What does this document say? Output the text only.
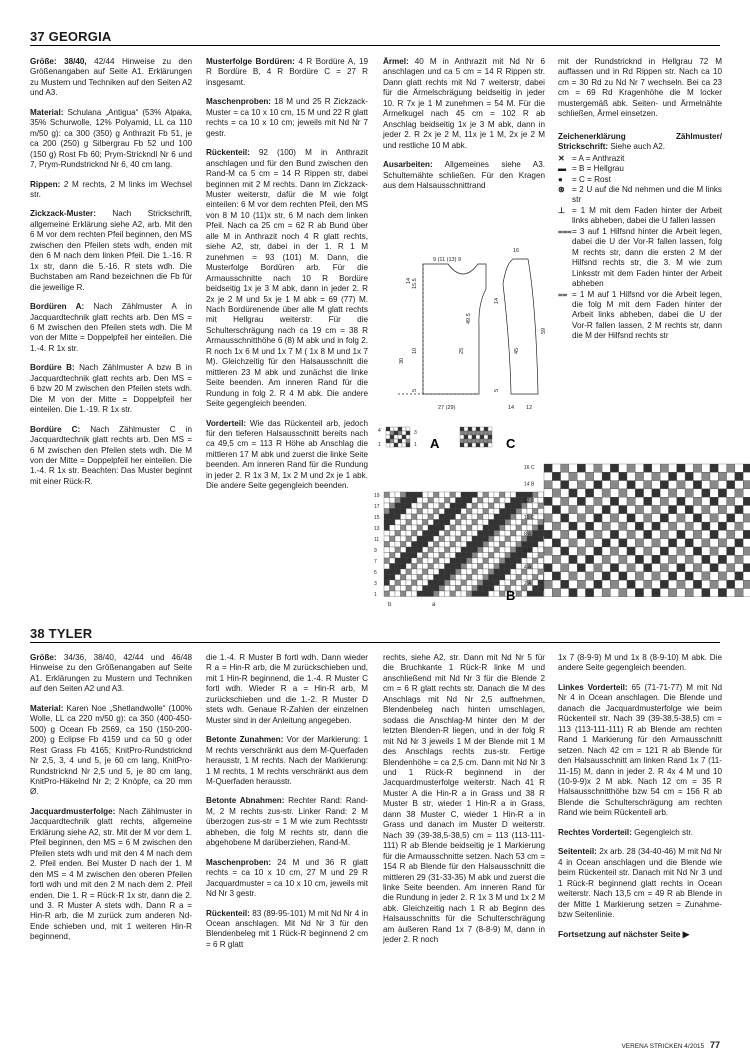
37 GEORGIA

Größe: 38/40, 42/44 Hinweise zu den Größenangaben auf Seite A1. Erklärungen zu Mustern und Techniken auf den Seiten A2 und A3.

Material: Schulana „Antigua“ (53% Alpaka, 35% Schurwolle, 12% Polyamid, LL ca 110 m/50 g): ca 300 (350) g Anthrazit Fb 51, je ca 200 (250) g Silbergrau Fb 52 und 100 (150 g) Rost Fb 60; Prym-Strickndl Nr 6 und 7, Prym-Rundstricknd Nr 6, 40 cm lang.

Rippen: 2 M rechts, 2 M links im Wechsel str.

Zickzack-Muster: Nach Strickschrift, allgemeine Erklärung siehe A2, arb. Mit den 6 M vor dem rechten Pfeil beginnen, den MS zwischen den Pfeilen stets wdh, enden mit den 6 M nach dem linken Pfeil. Die 1.-16. R 1x str, dann die 5.-16. R stets wdh. Die Buchstaben am Rand bezeichnen die Fb für die jeweilige R.

Bordüren A: Nach Zählmuster A in Jacquardtechnik glatt rechts arb. Den MS = 6 M zwischen den Pfeilen stets wdh. Die M von der Mitte = Doppelpfeil her einteilen. Die 1.-4. R 1x str.

Bordüre B: Nach Zählmuster A bzw B in Jacquardtechnik glatt rechts arb. Den MS = 6 bzw 20 M zwischen den Pfeilen stets wdh. Die M von der Mitte = Doppelpfeil her einteilen. Die 1.-19. R 1x str.

Bordüre C: Nach Zählmuster C in Jacquardtechnik glatt rechts arb. Den MS = 6 M zwischen den Pfeilen stets wdh. Die M von der Mitte = Doppelpfeil her einteilen. Die 1.-4. R 1x str. Beachten: Das Muster beginnt mit einer Rück-R.

Musterfolge Bordüren: 4 R Bordüre A, 19 R Bordüre B, 4 R Bordüre C = 27 R insgesamt.

Maschenproben: 18 M und 25 R Zickzack-Muster = ca 10 x 10 cm, 15 M und 22 R glatt rechts = ca 10 x 10 cm; jeweils mit Nd Nr 7 gestr.

Rückenteil: 92 (100) M in Anthrazit anschlagen und für den Bund zwischen den Rand-M ca 5 cm = 14 R Rippen str, dabei beginnen mit 2 M rechts. Dann im Zickzack-Muster weiterstr, dafür die M wie folgt einteilen: 6 M vor dem rechten Pfeil, den MS von 8 M 10 (11)x str, 6 M nach dem linken Pfeil. Nach ca 25 cm = 62 R ab Bund über alle M in Anthrazit noch 4 R glatt rechts, siehe A2, str, dabei in der 1. R 1 M zunehmen = 93 (101) M. Dann, die Musterfolge Bordüren arb. Für die Armausschnitte nach 10 R Bordüre beidseitig 1x je 3 M abk, dann in jeder 2. R 2x je 2 M und 5x je 1 M abk = 69 (77) M. Nach Bordürenende über alle M glatt rechts mit Hellgrau weiterstr. Für die Schulterschrägung nach ca 19 cm = 38 R Armausschnitthöhe 6 (8) M abk und in folg 2. R noch 1x 6 M und 1x 7 M ( 1x 8 M und 1x 7 M). Gleichzeitig für den Halsausschnitt die mittleren 23 M abk und zunächst die linke Seite beenden. Am inneren Rand für die Rundung in folg 2. R 4 M abk. Die andere Seite gegengleich beenden.

Vorderteil: Wie das Rückenteil arb, jedoch für den tieferen Halsausschnitt bereits nach ca 49,5 cm = 113 R Höhe ab Anschlag die mittleren 17 M abk und zuerst die linke Seite beenden. Am inneren Rand für die Rundung in jeder 2. R 1x 3 M, 1x 2 M und 2x je 1 abk. Die andere Seite gegengleich beenden.

Ärmel: 40 M in Anthrazit mit Nd Nr 6 anschlagen und ca 5 cm = 14 R Rippen str. Dann glatt rechts mit Nd 7 weiterstr, dabei für die Ärmelschrägung beidseitig in jeder 10. R 7x je 1 M zunehmen = 54 M. Für die Ärmelkugel nach 45 cm = 102 R ab Anschlag beidseitig 1x je 3 M abk, dann in jeder 2. R 2x je 2 M, 11x je 1 M, 2x je 2 M und restliche 10 M abk.

Ausarbeiten: Allgemeines siehe A3. Schulternähte schließen. Für den Kragen aus dem Halsausschnittrand

mit der Rundstricknd in Hellgrau 72 M auffassen und in Rd Rippen str. Nach ca 10 cm = 30 Rd zu Nd Nr 7 wechseln. Bei ca 23 cm = 69 Rd Kragenhöhe die M locker mustergemäß abk. Seiten- und Ärmelnähte schließen, Ärmel einsetzen.

Zeichenerklärung Zählmuster/ Strickschrift: Siehe auch A2.
✕ = A = Anthrazit
▬ = B = Hellgrau
●	= C = Rost
⊛ = 2 U auf die Nd nehmen und die M links str
⊥ = 1 M mit dem Faden hinter der Arbeit links abheben, dabei die U fallen lassen
⩶ = 3 auf 1 Hilfsnd hinter die Arbeit legen, dabei die U der Vor-R fallen lassen, folg M rechts str, dann die ersten 2 M der Hilfsnd rechts str, die 3. M wie zum Linksstr mit dem Faden hinter der Arbeit abheben
⩵ = 1 M auf 1 Hilfsnd vor die Arbeit legen, die folg M mit dem Faden hinter der Arbeit links abheben, dabei die U der Vor-R fallen lassen, 2 M rechts str, dann die M der Hilfsnd rechts str
16
9 (11 (13) 9
27 (29)	14 12
14 15.5
25
49.5
10
30
5
14
45
59
5
4
1
3
1 A	C
19
17
15
13
11
9
7
5
3
1	B
b	a
16 C
14 B
12 B
10 C
8 A
6 B
4 A
2 A
38 TYLER

Größe: 34/36, 38/40, 42/44 und 46/48 Hinweise zu den Größenangaben auf Seite A1. Erklärungen zu Mustern und Techniken auf den Seiten A2 und A3.

Material: Karen Noe „Shetlandwolle“ (100% Wolle, LL ca 220 m/50 g): ca 350 (400-450-500) g Ocean Fb 2569, ca 150 (150-200-200) g Eclipse Fb 4159 und ca 50 g oder Rest Grass Fb 4165; KnitPro-Rundstricknd Nr 2,5, 3, 4 und 5, je 60 cm lang, KnitPro-Rundstricknd Nr 2,5 und 5, je 80 cm lang, KnitPro-Häkelnd Nr 2; 2 Knöpfe, ca 20 mm Ø.

Jacquardmusterfolge: Nach Zählmuster in Jacquardtechnik glatt rechts, allgemeine Erklärung siehe A2, str. Mit der M vor dem 1. Pfeil beginnen, den MS = 6 M zwischen den Pfeilen stets wdh und mit den 4 M nach dem 2. Pfeil enden. Bei Muster D nach der 1. M den MS = 4 M zwischen den oberen Pfeilen fortl wdh und mit den 2 M nach dem 2. Pfeil enden. Die 1. R = Rück-R 1x str, dann die 2. und 3. R Muster A stets wdh. Dann R a = Hin-R arb, die M zurück zum anderen Nd-Ende schieben und, mit 1 weiteren Hin-R beginnend,

die 1.-4. R Muster B fortl wdh. Dann wieder R a = Hin-R arb, die M zurückschieben und, mit 1 Hin-R beginnend, die 1.-4. R Muster C fortl wdh. Wieder R a = Hin-R arb, M zurückschieben und die 1.-2. R Muster D stets wdh. Genaue R-Zahlen der einzelnen Muster sind in der Anleitung angegeben.

Betonte Zunahmen: Vor der Markierung: 1 M rechts verschränkt aus dem M-Querfaden herausstr, 1 M rechts. Nach der Markierung: 1 M rechts, 1 M rechts verschränkt aus dem M-Querfaden herausstr.

Betonte Abnahmen: Rechter Rand: Rand-M, 2 M rechts zus-str. Linker Rand: 2 M überzogen zus-str = 1 M wie zum Rechtsstr abheben, die folg M rechts str, dann die abgehobene M darüberziehen, Rand-M.

Maschenproben: 24 M und 36 R glatt rechts = ca 10 x 10 cm, 27 M und 29 R Jacquardmuster = ca 10 x 10 cm, jeweils mit Nd Nr 3 gestr.

Rückenteil: 83 (89-95-101) M mit Nd Nr 4 in Ocean anschlagen. Mit Nd Nr 3 für den Blendenbeleg mit 1 Rück-R beginnend 2 cm = 6 R glatt

rechts, siehe A2, str. Dann mit Nd Nr 5 für die Bruchkante 1 Rück-R linke M und anschließend mit Nd Nr 3 für die Blende 2 cm = 6 R glatt rechts str. Danach die M des Anschlags mit Nd Nr 2,5 auffnehmen, Blendenbeleg nach hinten umschlagen, sodass die Anschlag-M hinter den M der letzten Blenden-R liegen, und in der folg R mit Nd Nr 3 jeweils 1 M der Blende mit 1 M des Anschlags rechts zus-str. Fertige Blendenhöhe = ca 2,5 cm. Dann mit Nd Nr 3 und 1 Rück-R beginnend in der Jacquardmusterfolge weiterstr. Nach 41 R Muster A die Hin-R a in Grass und 38 R Muster B str, wieder 1 Hin-R a in Grass, dann 38 Muster C, wieder 1 Hin-R a in Grass und danach im Muster D weiterstr. Nach 39 (39-38,5-38,5) cm = 113 (113-111-111) R ab Blende beidseitig je 1 Markierung für die Armausschnitte setzen. Nach 53 cm = 154 R ab Blende für den Halsausschnitt die mittleren 29 (31-33-35) M abk und zuerst die linke Seite beenden. Am inneren Rand für die Rundung in jeder 2. R 1x 3 M und 1x 2 M abk. Gleichzeitig nach 1 R ab Beginn des Halsausschnitts für die Schulterschrägung am äußeren Rand 1x 7 (8-8-9) M, dann in jeder 2. R noch

1x 7 (8-9-9) M und 1x 8 (8-9-10) M abk. Die andere Seite gegengleich beenden.

Linkes Vorderteil: 65 (71-71-77) M mit Nd Nr 4 in Ocean anschlagen. Die Blende und danach die Jacquardmusterfolge wie beim Rückenteil str. Nach 39 (39-38,5-38,5) cm = 113 (113-111-111) R ab Blende am rechten Rand 1 Markierung für den Armausschnitt setzen. Nach 42 cm = 121 R ab Blende für den Halsausschnitt am linken Rand 1x 7 (11-11-15) M, dann in jeder 2. R 4x 4 M und 10 (10-9-9)x 2 M abk. Nach 12 cm = 35 R Halsausschnitthöhe bzw 54 cm = 156 R ab Blende die Schulterschrägung am rechten Rand wie beim Rückenteil arb.

Rechtes Vorderteil: Gegengleich str.

Seitenteil: 2x arb. 28 (34-40-46) M mit Nd Nr 4 in Ocean anschlagen und die Blende wie beim Rückenteil str. Danach mit Nd Nr 3 und 1 Rück-R beginnend glatt rechts in Ocean weiterstr. Nach 13,5 cm = 49 R ab Blende in der Mitte 1 Markierung setzen = Zunahme- bzw Seitenlinie.

Fortsetzung auf nächster Seite ▶
VERENA STRICKEN 4/2015 77
